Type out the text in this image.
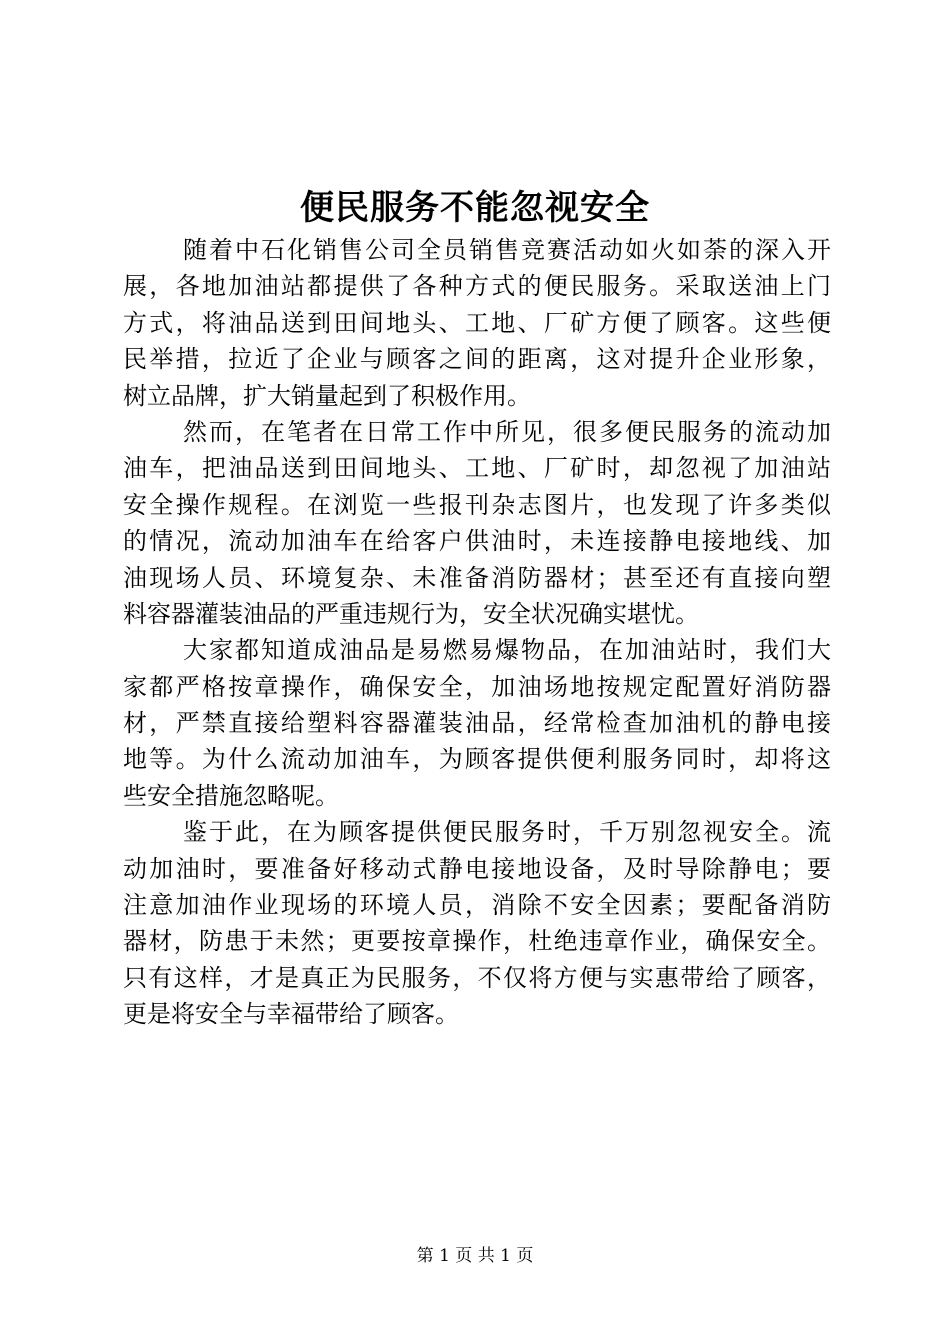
便民服务不能忽视安全
随着中石化销售公司全员销售竞赛活动如火如荼的深入开
展，各地加油站都提供了各种方式的便民服务。采取送油上门
方式，将油品送到田间地头、工地、厂矿方便了顾客。这些便
民举措，拉近了企业与顾客之间的距离，这对提升企业形象，
树立品牌，扩大销量起到了积极作用。
然而，在笔者在日常工作中所见，很多便民服务的流动加
油车，把油品送到田间地头、工地、厂矿时，却忽视了加油站
安全操作规程。在浏览一些报刊杂志图片，也发现了许多类似
的情况，流动加油车在给客户供油时，未连接静电接地线、加
油现场人员、环境复杂、未准备消防器材；甚至还有直接向塑
料容器灌装油品的严重违规行为，安全状况确实堪忧。
大家都知道成油品是易燃易爆物品，在加油站时，我们大
家都严格按章操作，确保安全，加油场地按规定配置好消防器
材，严禁直接给塑料容器灌装油品，经常检查加油机的静电接
地等。为什么流动加油车，为顾客提供便利服务同时，却将这
些安全措施忽略呢。
鉴于此，在为顾客提供便民服务时，千万别忽视安全。流
动加油时，要准备好移动式静电接地设备，及时导除静电；要
注意加油作业现场的环境人员，消除不安全因素；要配备消防
器材，防患于未然；更要按章操作，杜绝违章作业，确保安全。
只有这样，才是真正为民服务，不仅将方便与实惠带给了顾客，
更是将安全与幸福带给了顾客。
第 1 页 共 1 页
